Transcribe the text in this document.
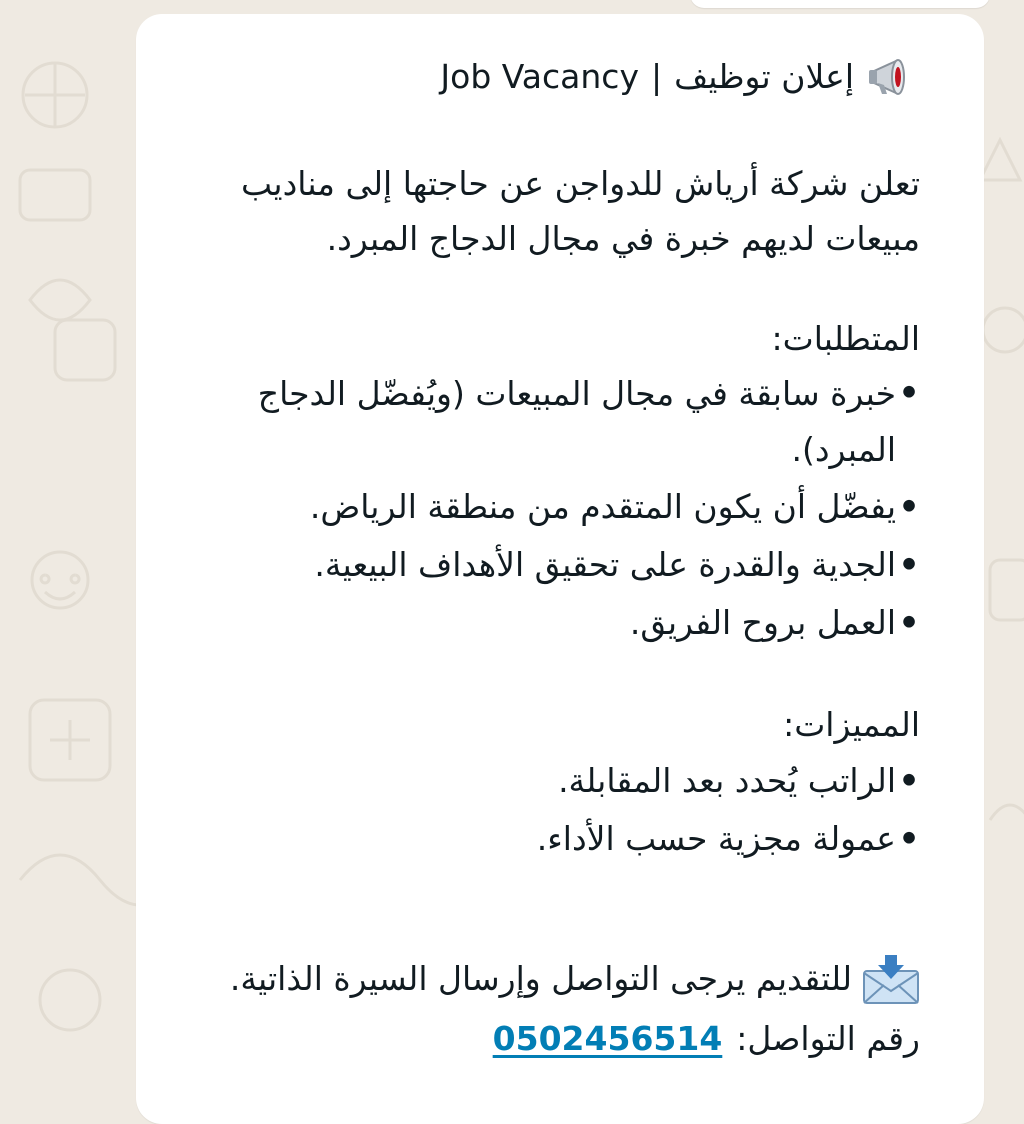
إعلان توظيف
|
Job Vacancy

تعلن شركة أرياش للدواجن عن حاجتها إلى مناديب مبيعات لديهم خبرة في مجال الدجاج المبرد.

المتطلبات:

•
خبرة سابقة في مجال المبيعات (ويُفضّل الدجاج المبرد).
•
يفضّل أن يكون المتقدم من منطقة الرياض.
•
الجدية والقدرة على تحقيق الأهداف البيعية.
•
العمل بروح الفريق.

المميزات:

•
الراتب يُحدد بعد المقابلة.
•
عمولة مجزية حسب الأداء.
للتقديم يرجى التواصل وإرسال السيرة الذاتية.
رقم التواصل:
0502456514
